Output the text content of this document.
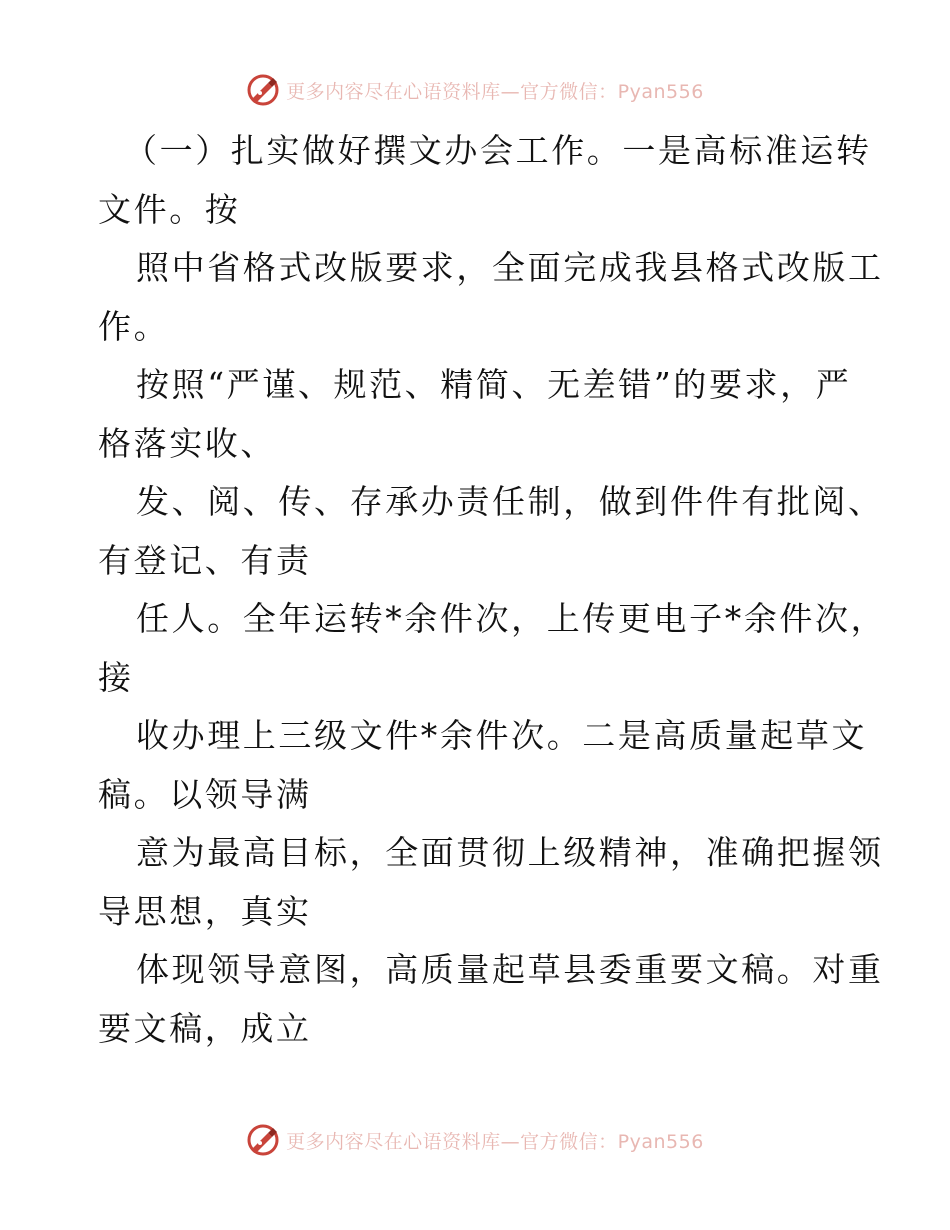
更多内容尽在心语资料库—官方微信：Pyan556
（一）扎实做好撰文办会工作。一是高标准运转
文件。按
照中省格式改版要求，全面完成我县格式改版工
作。
按照“严谨、规范、精简、无差错”的要求，严
格落实收、
发、阅、传、存承办责任制，做到件件有批阅、
有登记、有责
任人。全年运转*余件次，上传更电子*余件次，
接
收办理上三级文件*余件次。二是高质量起草文
稿。以领导满
意为最高目标，全面贯彻上级精神，准确把握领
导思想，真实
体现领导意图，高质量起草县委重要文稿。对重
要文稿，成立
更多内容尽在心语资料库—官方微信：Pyan556
